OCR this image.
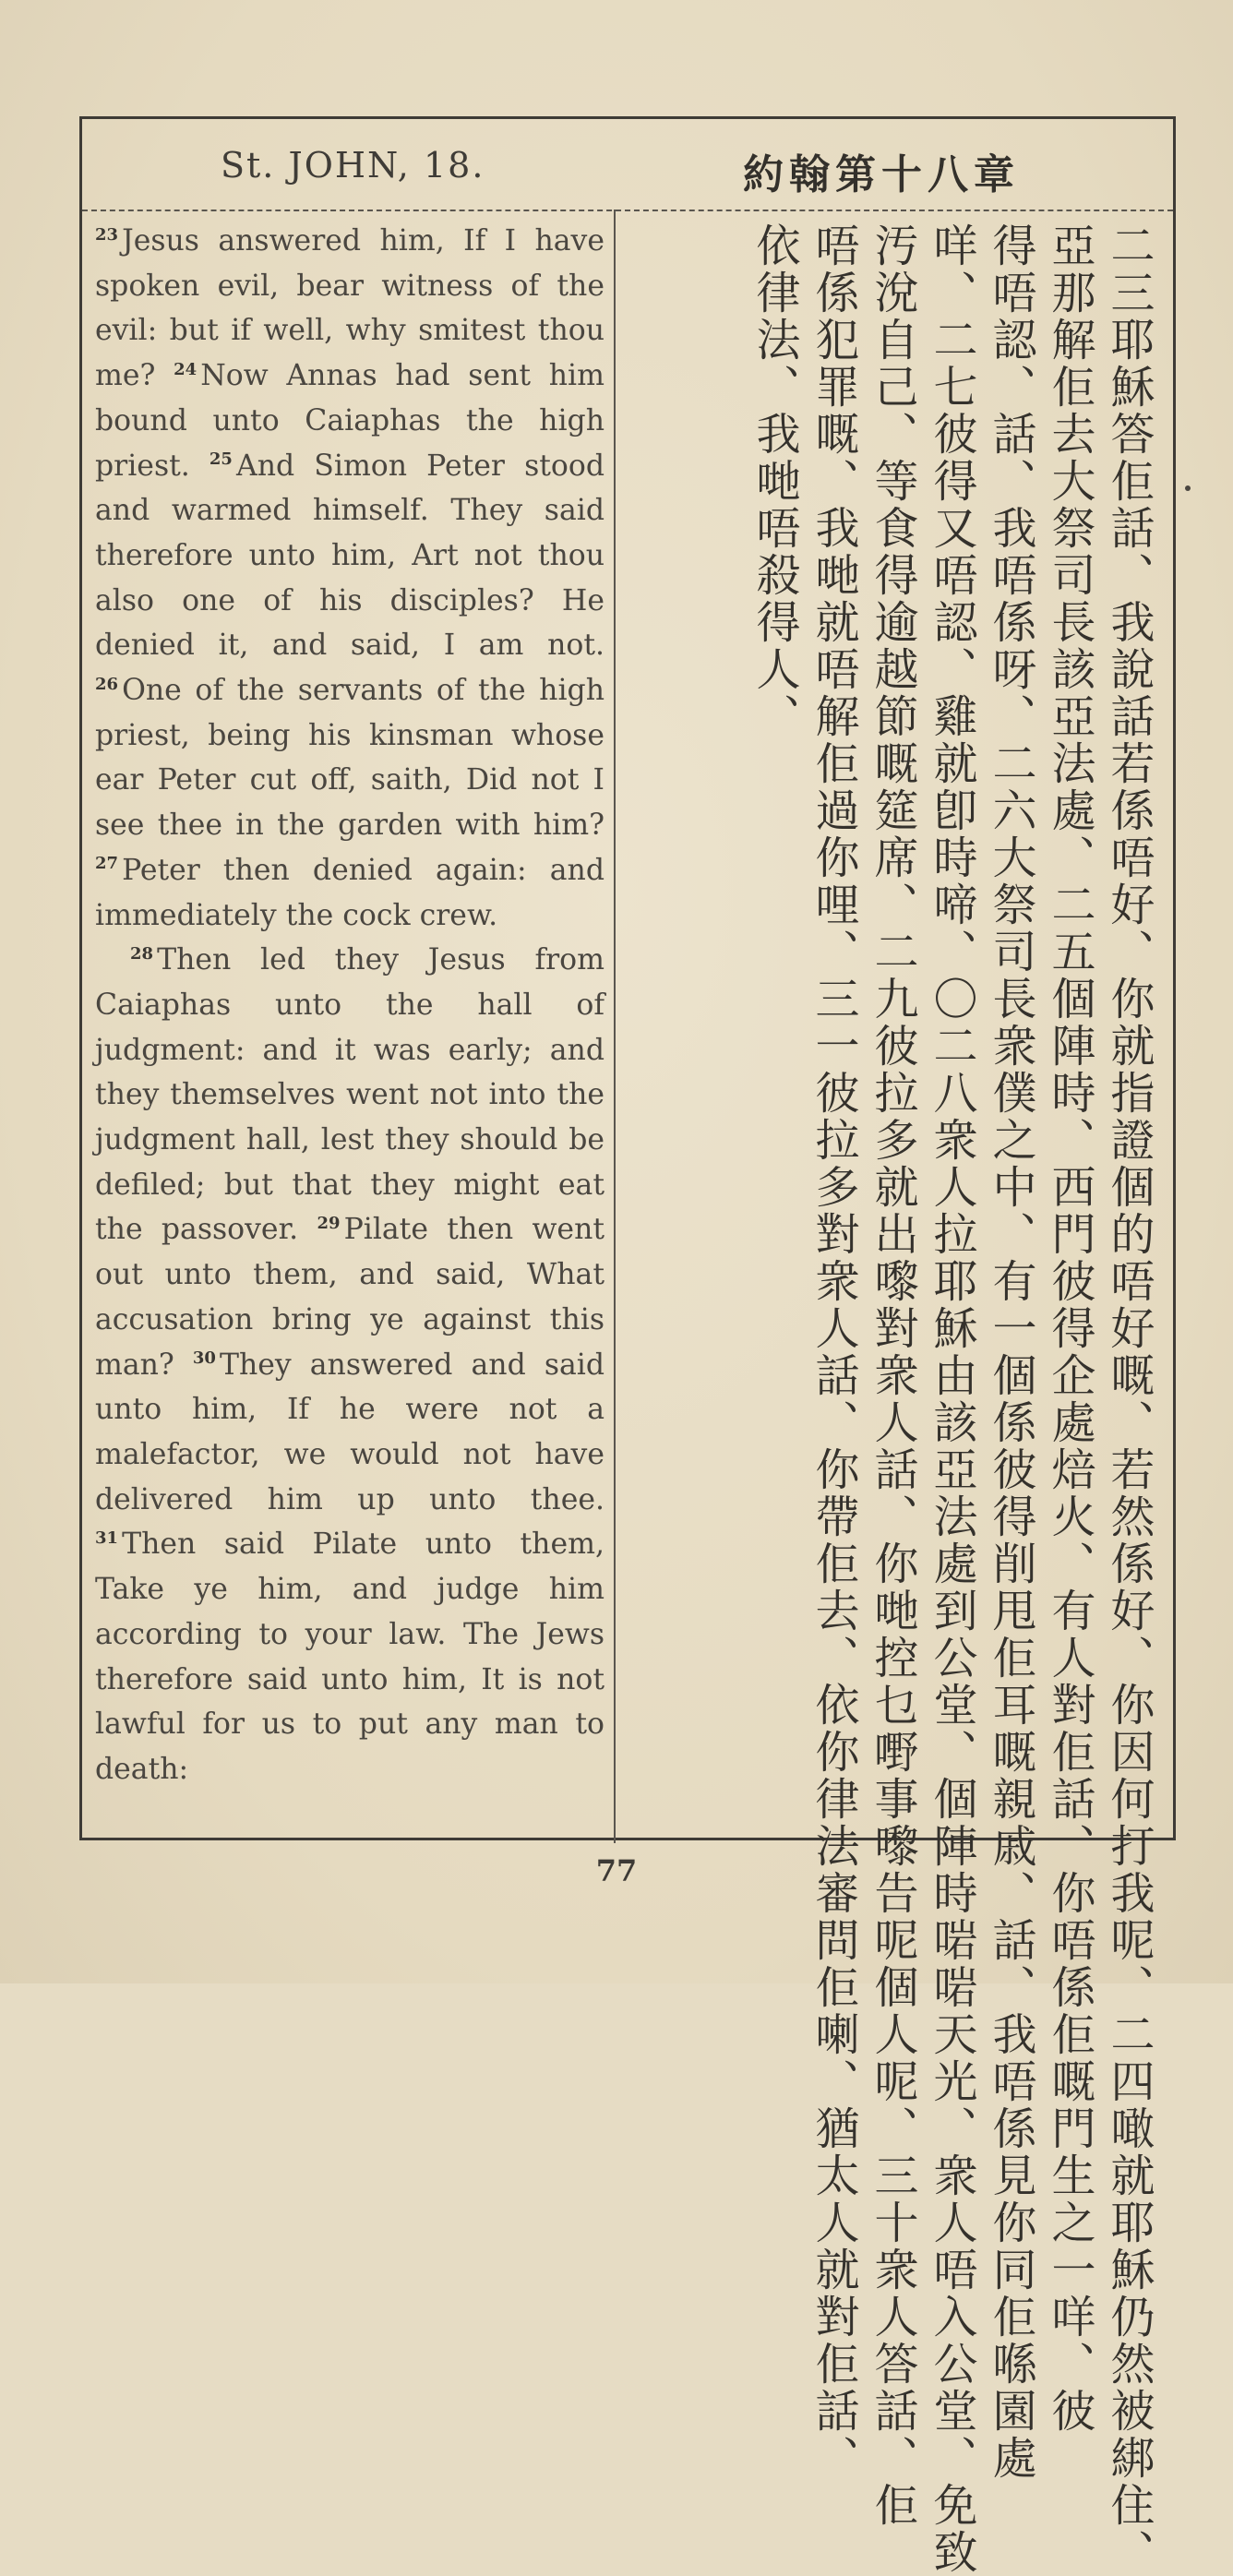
St. JOHN, 18.	約翰第十八章

$^{23}$ Jesus answered him, If I have spoken evil, bear witness of the evil: but if well, why smitest thou me? $^{24}$ Now Annas had sent him bound unto Caiaphas the high priest. $^{25}$ And Simon Peter stood and warmed himself. They said therefore unto him, Art not thou also one of his disciples? He denied it, and said, I am not. $^{26}$ One of the servants of the high priest, being his kinsman whose ear Peter cut off, saith, Did not I see thee in the garden with him? $^{27}$ Peter then denied again: and immediately the cock crew.

$^{28}$ Then led they Jesus from Caiaphas unto the hall of judgment: and it was early; and they themselves went not into the judgment hall, lest they should be defiled; but that they might eat the passover. $^{29}$ Pilate then went out unto them, and said, What accusation bring ye against this man? $^{30}$ They answered and said unto him, If he were not a malefactor, we would not have delivered him up unto thee. $^{31}$ Then said Pilate unto them, Take ye him, and judge him according to your law. The Jews therefore said unto him, It is not lawful for us to put any man to death:	二三耶穌答佢話、我說話若係唔好、你就指證個的唔好嘅、若然係好、你因何打我呢、二四噉就耶穌仍然被綁住、
亞那解佢去大祭司長該亞法處、二五個陣時、西門彼得企處焙火、有人對佢話、你唔係佢嘅門生之一咩、彼
得唔認、話、我唔係呀、二六大祭司長衆僕之中、有一個係彼得削甩佢耳嘅親戚、話、我唔係見你同佢喺園處
咩、二七彼得又唔認、雞就卽時啼、〇二八衆人拉耶穌由該亞法處到公堂、個陣時啱啱天光、衆人唔入公堂、免致
汚涗自己、等食得逾越節嘅筵席、二九彼拉多就出嚟對衆人話、你哋控乜嘢事嚟告呢個人呢、三十衆人答話、佢
唔係犯罪嘅、我哋就唔解佢過你哩、三一彼拉多對衆人話、你帶佢去、依你律法審問佢喇、猶太人就對佢話、
依律法、我哋唔殺得人、
77
